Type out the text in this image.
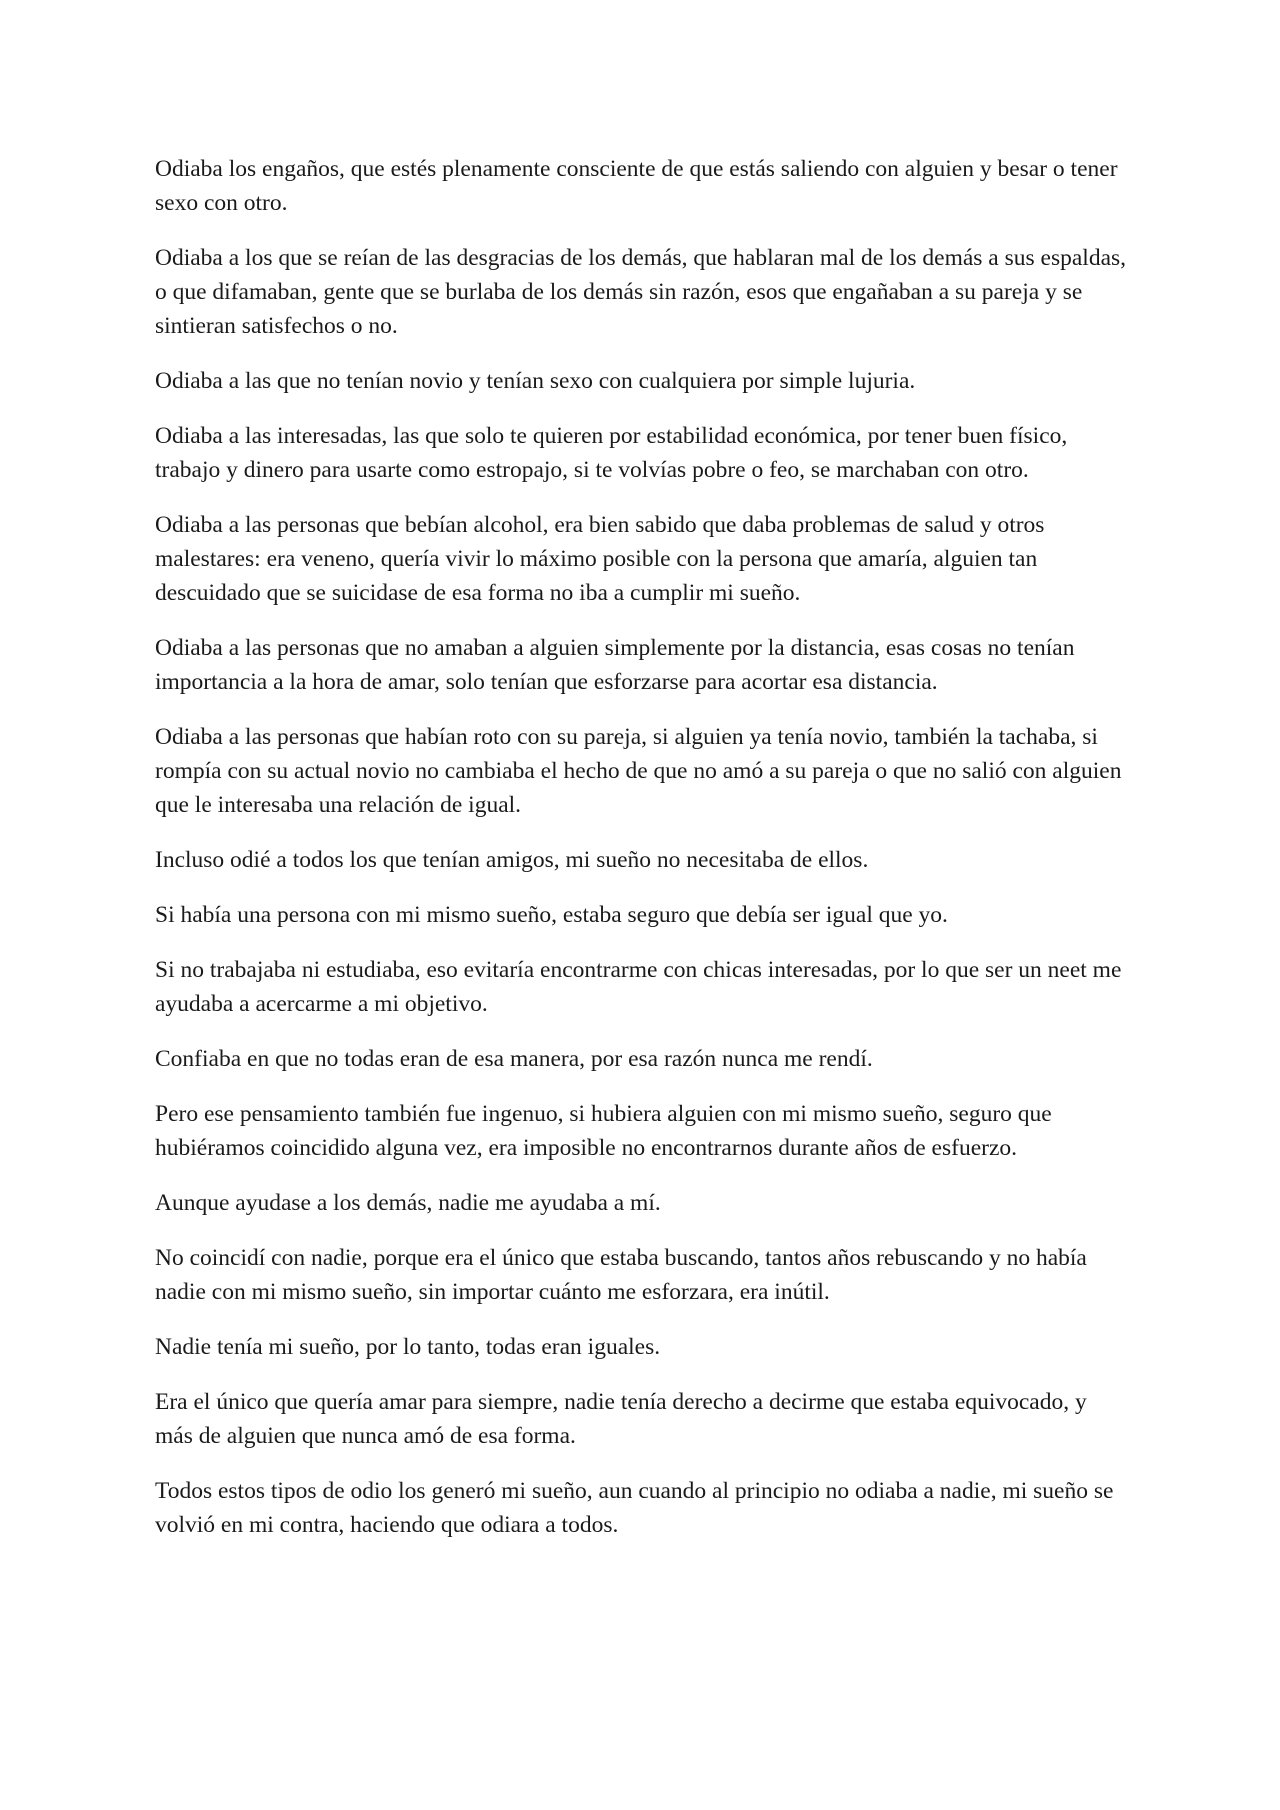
Odiaba los engaños, que estés plenamente consciente de que estás saliendo con alguien y besar o tener sexo con otro.

Odiaba a los que se reían de las desgracias de los demás, que hablaran mal de los demás a sus espaldas, o que difamaban, gente que se burlaba de los demás sin razón, esos que engañaban a su pareja y se sintieran satisfechos o no.

Odiaba a las que no tenían novio y tenían sexo con cualquiera por simple lujuria.

Odiaba a las interesadas, las que solo te quieren por estabilidad económica, por tener buen físico, trabajo y dinero para usarte como estropajo, si te volvías pobre o feo, se marchaban con otro.

Odiaba a las personas que bebían alcohol, era bien sabido que daba problemas de salud y otros malestares: era veneno, quería vivir lo máximo posible con la persona que amaría, alguien tan descuidado que se suicidase de esa forma no iba a cumplir mi sueño.

Odiaba a las personas que no amaban a alguien simplemente por la distancia, esas cosas no tenían importancia a la hora de amar, solo tenían que esforzarse para acortar esa distancia.

Odiaba a las personas que habían roto con su pareja, si alguien ya tenía novio, también la tachaba, si rompía con su actual novio no cambiaba el hecho de que no amó a su pareja o que no salió con alguien que le interesaba una relación de igual.

Incluso odié a todos los que tenían amigos, mi sueño no necesitaba de ellos.

Si había una persona con mi mismo sueño, estaba seguro que debía ser igual que yo.

Si no trabajaba ni estudiaba, eso evitaría encontrarme con chicas interesadas, por lo que ser un neet me ayudaba a acercarme a mi objetivo.

Confiaba en que no todas eran de esa manera, por esa razón nunca me rendí.

Pero ese pensamiento también fue ingenuo, si hubiera alguien con mi mismo sueño, seguro que hubiéramos coincidido alguna vez, era imposible no encontrarnos durante años de esfuerzo.

Aunque ayudase a los demás, nadie me ayudaba a mí.

No coincidí con nadie, porque era el único que estaba buscando, tantos años rebuscando y no había nadie con mi mismo sueño, sin importar cuánto me esforzara, era inútil.

Nadie tenía mi sueño, por lo tanto, todas eran iguales.

Era el único que quería amar para siempre, nadie tenía derecho a decirme que estaba equivocado, y más de alguien que nunca amó de esa forma.

Todos estos tipos de odio los generó mi sueño, aun cuando al principio no odiaba a nadie, mi sueño se volvió en mi contra, haciendo que odiara a todos.
